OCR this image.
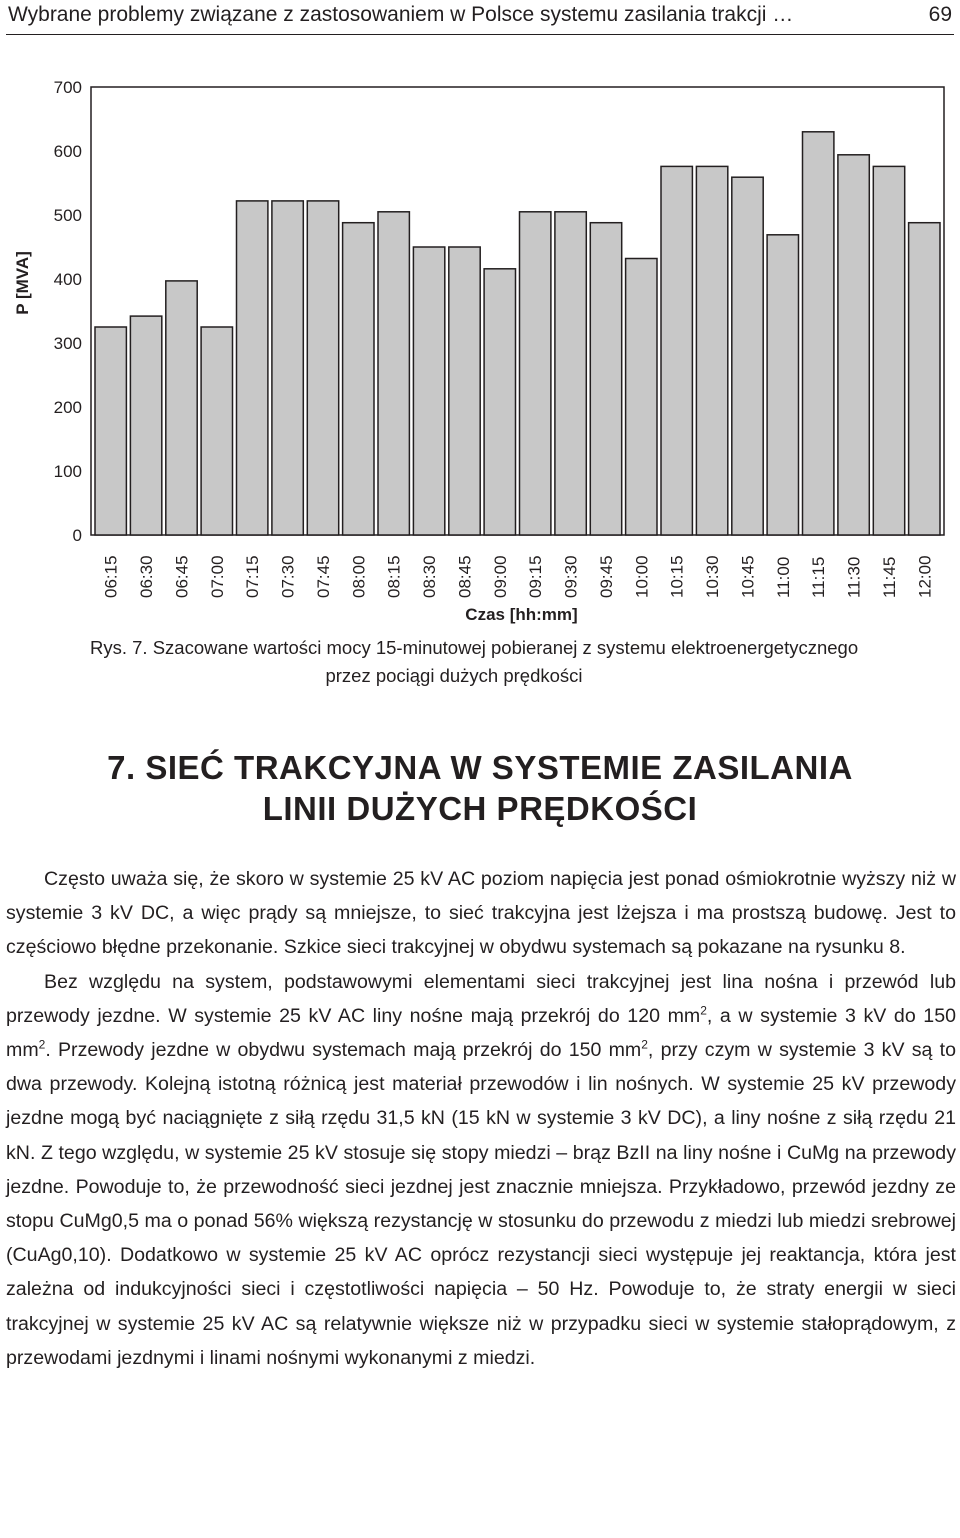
Wybrane problemy związane z zastosowaniem w Polsce systemu zasilania trakcji …	69
0
100
200
300
400
500
600
700
P [MVA]
06:15 06:30 06:45 07:00 07:15 07:30 07:45 08:00 08:15 08:30 08:45 09:00 09:15 09:30 09:45 10:00 10:15 10:30 10:45 11:00 11:15 11:30 11:45 12:00
Czas [hh:mm]
Rys. 7. Szacowane wartości mocy 15-minutowej pobieranej z systemu elektroenergetycznego
przez pociągi dużych prędkości
7. SIEĆ TRAKCYJNA W SYSTEMIE ZASILANIA
LINII DUŻYCH PRĘDKOŚCI

Często uważa się, że skoro w systemie 25 kV AC poziom napięcia jest ponad ośmiokrotnie wyższy niż w systemie 3 kV DC, a więc prądy są mniejsze, to sieć trakcyjna jest lżejsza i ma prostszą budowę. Jest to częściowo błędne przekonanie. Szkice sieci trakcyjnej w obydwu systemach są pokazane na rysunku 8.

Bez względu na system, podstawowymi elementami sieci trakcyjnej jest lina nośna i przewód lub przewody jezdne. W systemie 25 kV AC liny nośne mają przekrój do 120 $mm^2$, a w systemie 3 kV do 150 $mm^2$. Przewody jezdne w obydwu systemach mają przekrój do 150 $mm^2$, przy czym w systemie 3 kV są to dwa przewody. Kolejną istotną różnicą jest materiał przewodów i lin nośnych. W systemie 25 kV przewody jezdne mogą być naciągnięte z siłą rzędu 31,5 kN (15 kN w systemie 3 kV DC), a liny nośne z siłą rzędu 21 kN. Z tego względu, w systemie 25 kV stosuje się stopy miedzi – brąz BzII na liny nośne i CuMg na przewody jezdne. Powoduje to, że przewodność sieci jezdnej jest znacznie mniejsza. Przykładowo, przewód jezdny ze stopu CuMg0,5 ma o ponad 56% większą rezystancję w stosunku do przewodu z miedzi lub miedzi srebrowej (CuAg0,10). Dodatkowo w systemie 25 kV AC oprócz rezystancji sieci występuje jej reaktancja, która jest zależna od indukcyjności sieci i częstotliwości napięcia – 50 Hz. Powoduje to, że straty energii w sieci trakcyjnej w systemie 25 kV AC są relatywnie większe niż w przypadku sieci w systemie stałoprądowym, z przewodami jezdnymi i linami nośnymi wykonanymi z miedzi.
